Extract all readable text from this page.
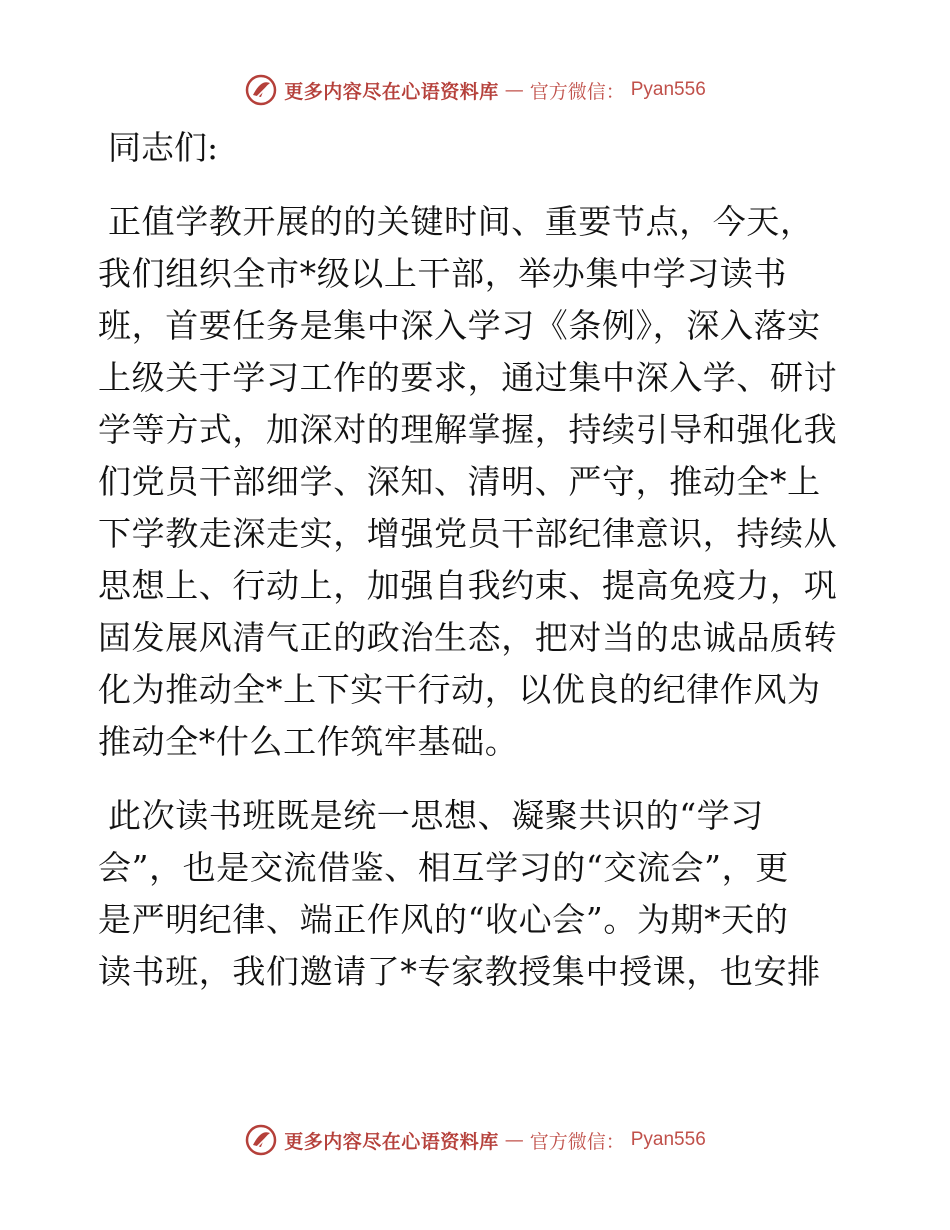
更多内容尽在心语资料库 — 官方微信： Pyan556
同志们:
正值学教开展的的关键时间、重要节点，今天，
我们组织全市*级以上干部，举办集中学习读书
班，首要任务是集中深入学习《条例》，深入落实
上级关于学习工作的要求，通过集中深入学、研讨
学等方式，加深对的理解掌握，持续引导和强化我
们党员干部细学、深知、清明、严守，推动全*上
下学教走深走实，增强党员干部纪律意识，持续从
思想上、行动上，加强自我约束、提高免疫力，巩
固发展风清气正的政治生态，把对当的忠诚品质转
化为推动全*上下实干行动，以优良的纪律作风为
推动全*什么工作筑牢基础。
此次读书班既是统一思想、凝聚共识的“学习
会”，也是交流借鉴、相互学习的“交流会”，更
是严明纪律、端正作风的“收心会”。为期*天的
读书班，我们邀请了*专家教授集中授课，也安排
更多内容尽在心语资料库 — 官方微信： Pyan556
